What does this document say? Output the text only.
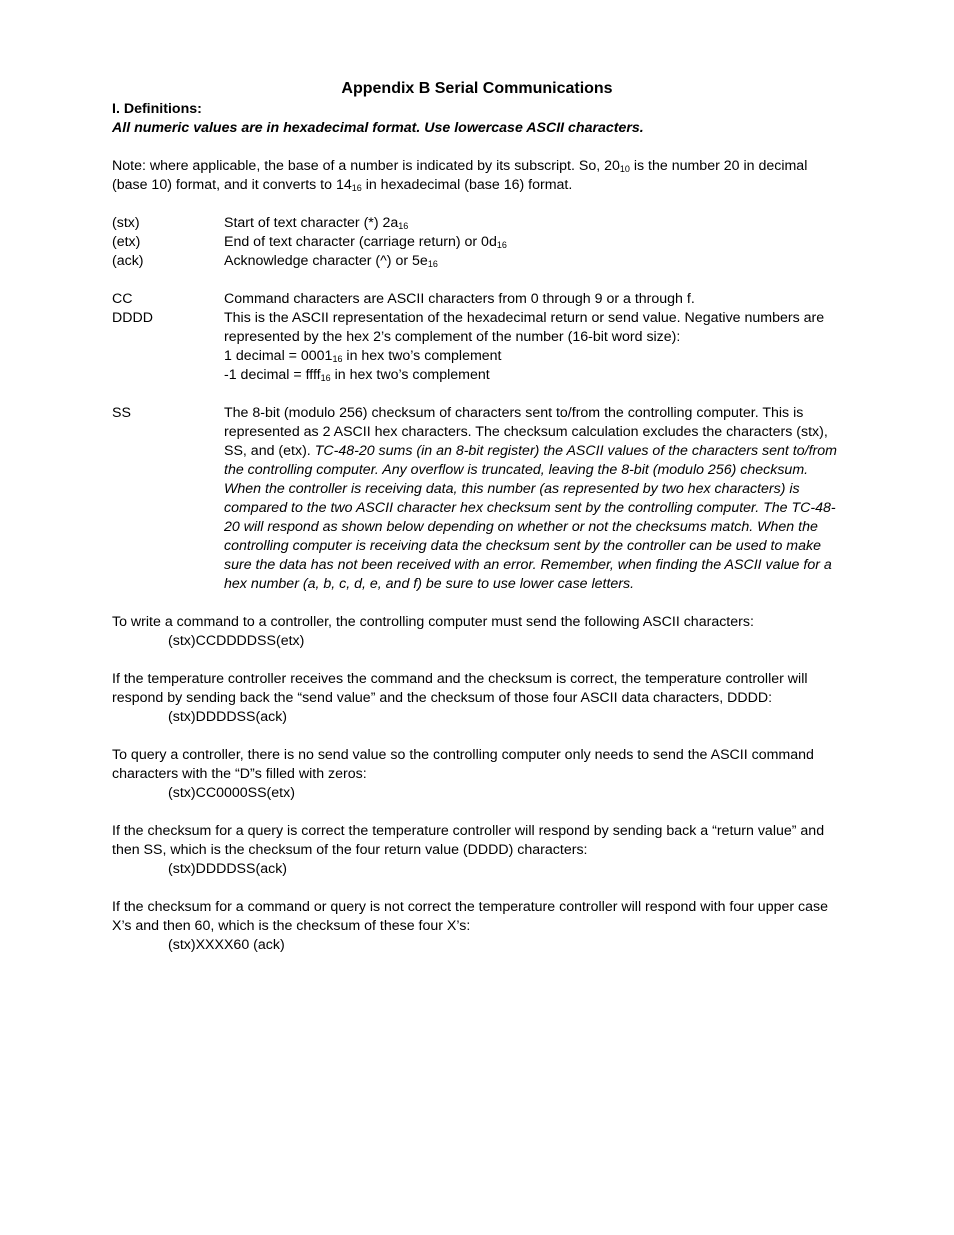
Appendix B Serial Communications

I. Definitions:

All numeric values are in hexadecimal format. Use lowercase ASCII characters.

Note: where applicable, the base of a number is indicated by its subscript. So, $20_{10}$ is the number 20 in decimal (base 10) format, and it converts to $14_{16}$ in hexadecimal (base 16) format.

(stx)	Start of text character (*) $2a_{16}$
(etx)	End of text character (carriage return) or $0d_{16}$
(ack)	Acknowledge character (^) or $5e_{16}$
CC	Command characters are ASCII characters from 0 through 9 or a through f.
DDDD	This is the ASCII representation of the hexadecimal return or send value. Negative numbers are represented by the hex 2’s complement of the number (16-bit word size):

1 decimal = $0001_{16}$ in hex two’s complement

-1 decimal = ffff$_{16}$ in hex two’s complement

SS	The 8-bit (modulo 256) checksum of characters sent to/from the controlling computer. This is represented as 2 ASCII hex characters. The checksum calculation excludes the characters (stx), SS, and (etx). TC-48-20 sums (in an 8-bit register) the ASCII values of the characters sent to/from the controlling computer. Any overflow is truncated, leaving the 8-bit (modulo 256) checksum. When the controller is receiving data, this number (as represented by two hex characters) is compared to the two ASCII character hex checksum sent by the controlling computer. The TC-48-20 will respond as shown below depending on whether or not the checksums match. When the controlling computer is receiving data the checksum sent by the controller can be used to make sure the data has not been received with an error. Remember, when finding the ASCII value for a hex number (a, b, c, d, e, and f) be sure to use lower case letters.

To write a command to a controller, the controlling computer must send the following ASCII characters:

(stx)CCDDDDSS(etx)

If the temperature controller receives the command and the checksum is correct, the temperature controller will respond by sending back the “send value” and the checksum of those four ASCII data characters, DDDD:

(stx)DDDDSS(ack)

To query a controller, there is no send value so the controlling computer only needs to send the ASCII command characters with the “D”s filled with zeros:

(stx)CC0000SS(etx)

If the checksum for a query is correct the temperature controller will respond by sending back a “return value” and then SS, which is the checksum of the four return value (DDDD) characters:

(stx)DDDDSS(ack)

If the checksum for a command or query is not correct the temperature controller will respond with four upper case X’s and then 60, which is the checksum of these four X’s:

(stx)XXXX60 (ack)
